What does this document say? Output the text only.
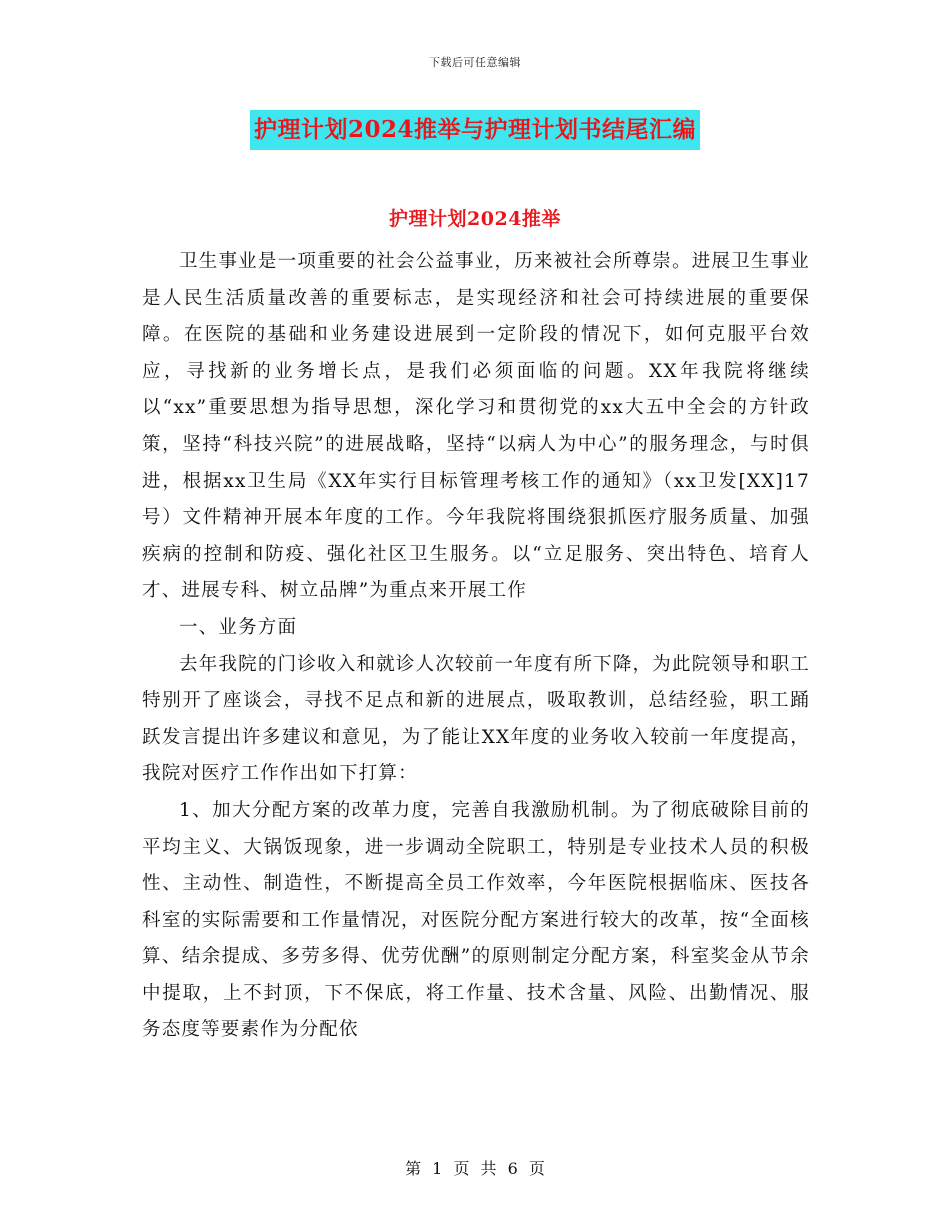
下载后可任意编辑
护理计划2024推举与护理计划书结尾汇编
护理计划2024推举

卫生事业是一项重要的社会公益事业，历来被社会所尊崇。进展卫生事业是人民生活质量改善的重要标志，是实现经济和社会可持续进展的重要保障。在医院的基础和业务建设进展到一定阶段的情况下，如何克服平台效应，寻找新的业务增长点，是我们必须面临的问题。XX年我院将继续以“xx”重要思想为指导思想，深化学习和贯彻党的xx大五中全会的方针政策，坚持“科技兴院”的进展战略，坚持“以病人为中心”的服务理念，与时俱进，根据xx卫生局《XX年实行目标管理考核工作的通知》（xx卫发[XX]17号）文件精神开展本年度的工作。今年我院将围绕狠抓医疗服务质量、加强疾病的控制和防疫、强化社区卫生服务。以“立足服务、突出特色、培育人才、进展专科、树立品牌”为重点来开展工作

一、业务方面

去年我院的门诊收入和就诊人次较前一年度有所下降，为此院领导和职工特别开了座谈会，寻找不足点和新的进展点，吸取教训，总结经验，职工踊跃发言提出许多建议和意见，为了能让XX年度的业务收入较前一年度提高，我院对医疗工作作出如下打算：

1、加大分配方案的改革力度，完善自我激励机制。为了彻底破除目前的平均主义、大锅饭现象，进一步调动全院职工，特别是专业技术人员的积极性、主动性、制造性，不断提高全员工作效率，今年医院根据临床、医技各科室的实际需要和工作量情况，对医院分配方案进行较大的改革，按“全面核算、结余提成、多劳多得、优劳优酬”的原则制定分配方案，科室奖金从节余中提取，上不封顶，下不保底，将工作量、技术含量、风险、出勤情况、服务态度等要素作为分配依

第 1 页 共 6 页
